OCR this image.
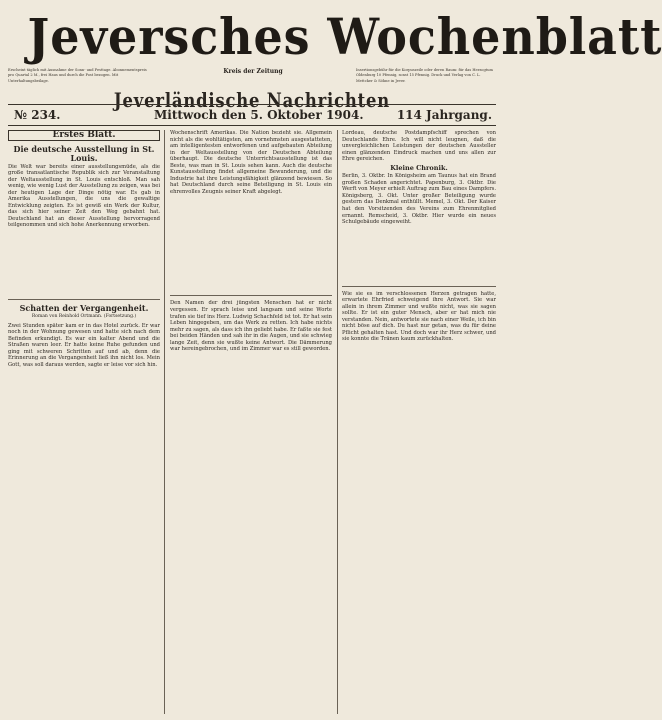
Jeversches Wochenblatt
Erscheint täglich mit Ausnahme der Sonn- und Festtage. Abonnementspreis pro Quartal 2 M., frei Haus und durch die Post bezogen. Mit Unterhaltungsbeilage.
Kreis der Zeitung	Insertionsgebühr für die Korpuszeile oder deren Raum: für das Herzogtum Oldenburg 10 Pfennig, sonst 15 Pfennig. Druck und Verlag von C. L. Mettcker & Söhne in Jever.
Jeverländische Nachrichten
№ 234.	Mittwoch den 5. Oktober 1904.	114 Jahrgang.
Erstes Blatt.
Die deutsche Ausstellung in St. Louis.
Die Welt war bereits einer ausstellungsmüde, als die große transatlantische Republik sich zur Veranstaltung der Weltausstellung in St. Louis entschloß. Man sah wenig, wie wenig Lust der Ausstellung zu zeigen, was bei der heutigen Lage der Dinge nötig war. Es gab in Amerika Ausstellungen, die uns die gewaltige Entwicklung zeigten. Es ist gewiß ein Werk der Kultur, das sich hier seiner Zeit den Weg gebahnt hat. Deutschland hat an dieser Ausstellung hervorragend teilgenommen und sich hohe Anerkennung erworben.
Schatten der Vergangenheit.
Roman von Reinhold Ortmann. (Fortsetzung.)
Zwei Stunden später kam er in das Hotel zurück. Er war noch in der Wohnung gewesen und hatte sich nach dem Befinden erkundigt. Es war ein kalter Abend und die Straßen waren leer. Er hatte keine Ruhe gefunden und ging mit schweren Schritten auf und ab, denn die Erinnerung an die Vergangenheit ließ ihn nicht los. Mein Gott, was soll daraus werden, sagte er leise vor sich hin.
Wochenschrift Amerikas. Die Nation bezieht sie. Allgemein nicht als die wohltätigsten, am vornehmsten ausgestatteten, am intelligentesten entworfenen und aufgebauten Abteilung in der Weltausstellung von der Deutschen Abteilung überhaupt. Die deutsche Unterrichtsausstellung ist das Beste, was man in St. Louis sehen kann. Auch die deutsche Kunstausstellung findet allgemeine Bewunderung, und die Industrie hat ihre Leistungsfähigkeit glänzend bewiesen. So hat Deutschland durch seine Beteiligung in St. Louis ein ehrenvolles Zeugnis seiner Kraft abgelegt.
Den Namen der drei jüngsten Menschen hat er nicht vergessen. Er sprach leise und langsam und seine Worte trafen sie tief ins Herz. Ludwig Schachfeld ist tot. Er hat sein Leben hingegeben, um das Werk zu retten. Ich habe nichts mehr zu sagen, als dass ich ihn geliebt habe. Er faßte sie fest bei beiden Händen und sah ihr in die Augen, und sie schwieg lange Zeit, denn sie wußte keine Antwort. Die Dämmerung war hereingebrochen, und im Zimmer war es still geworden.
Lordeau, deutsche Postdampfschiff sprechen von Deutschlands Ehre. Ich will nicht leugnen, daß die unvergleichlichen Leistungen der deutschen Aussteller einen glänzenden Eindruck machen und uns allen zur Ehre gereichen.
Kleine Chronik.
Berlin, 3. Oktbr. In Königsheim am Taunus hat ein Brand großen Schaden angerichtet. Papenburg, 3. Oktbr. Die Werft von Meyer erhielt Auftrag zum Bau eines Dampfers. Königsberg, 3. Okt. Unter großer Beteiligung wurde gestern das Denkmal enthüllt. Memel, 3. Okt. Der Kaiser hat den Vorsitzenden des Vereins zum Ehrenmitglied ernannt. Remscheid, 3. Oktbr. Hier wurde ein neues Schulgebäude eingeweiht.
Wie sie es im verschlossenen Herzen getragen hatte, erwartete Ehrfried schweigend ihre Antwort. Sie war allein in ihrem Zimmer und wußte nicht, was sie sagen sollte. Er ist ein guter Mensch, aber er hat mich nie verstanden. Nein, antwortete sie nach einer Weile, ich bin nicht böse auf dich. Du hast nur getan, was du für deine Pflicht gehalten hast. Und doch war ihr Herz schwer, und sie konnte die Tränen kaum zurückhalten.
